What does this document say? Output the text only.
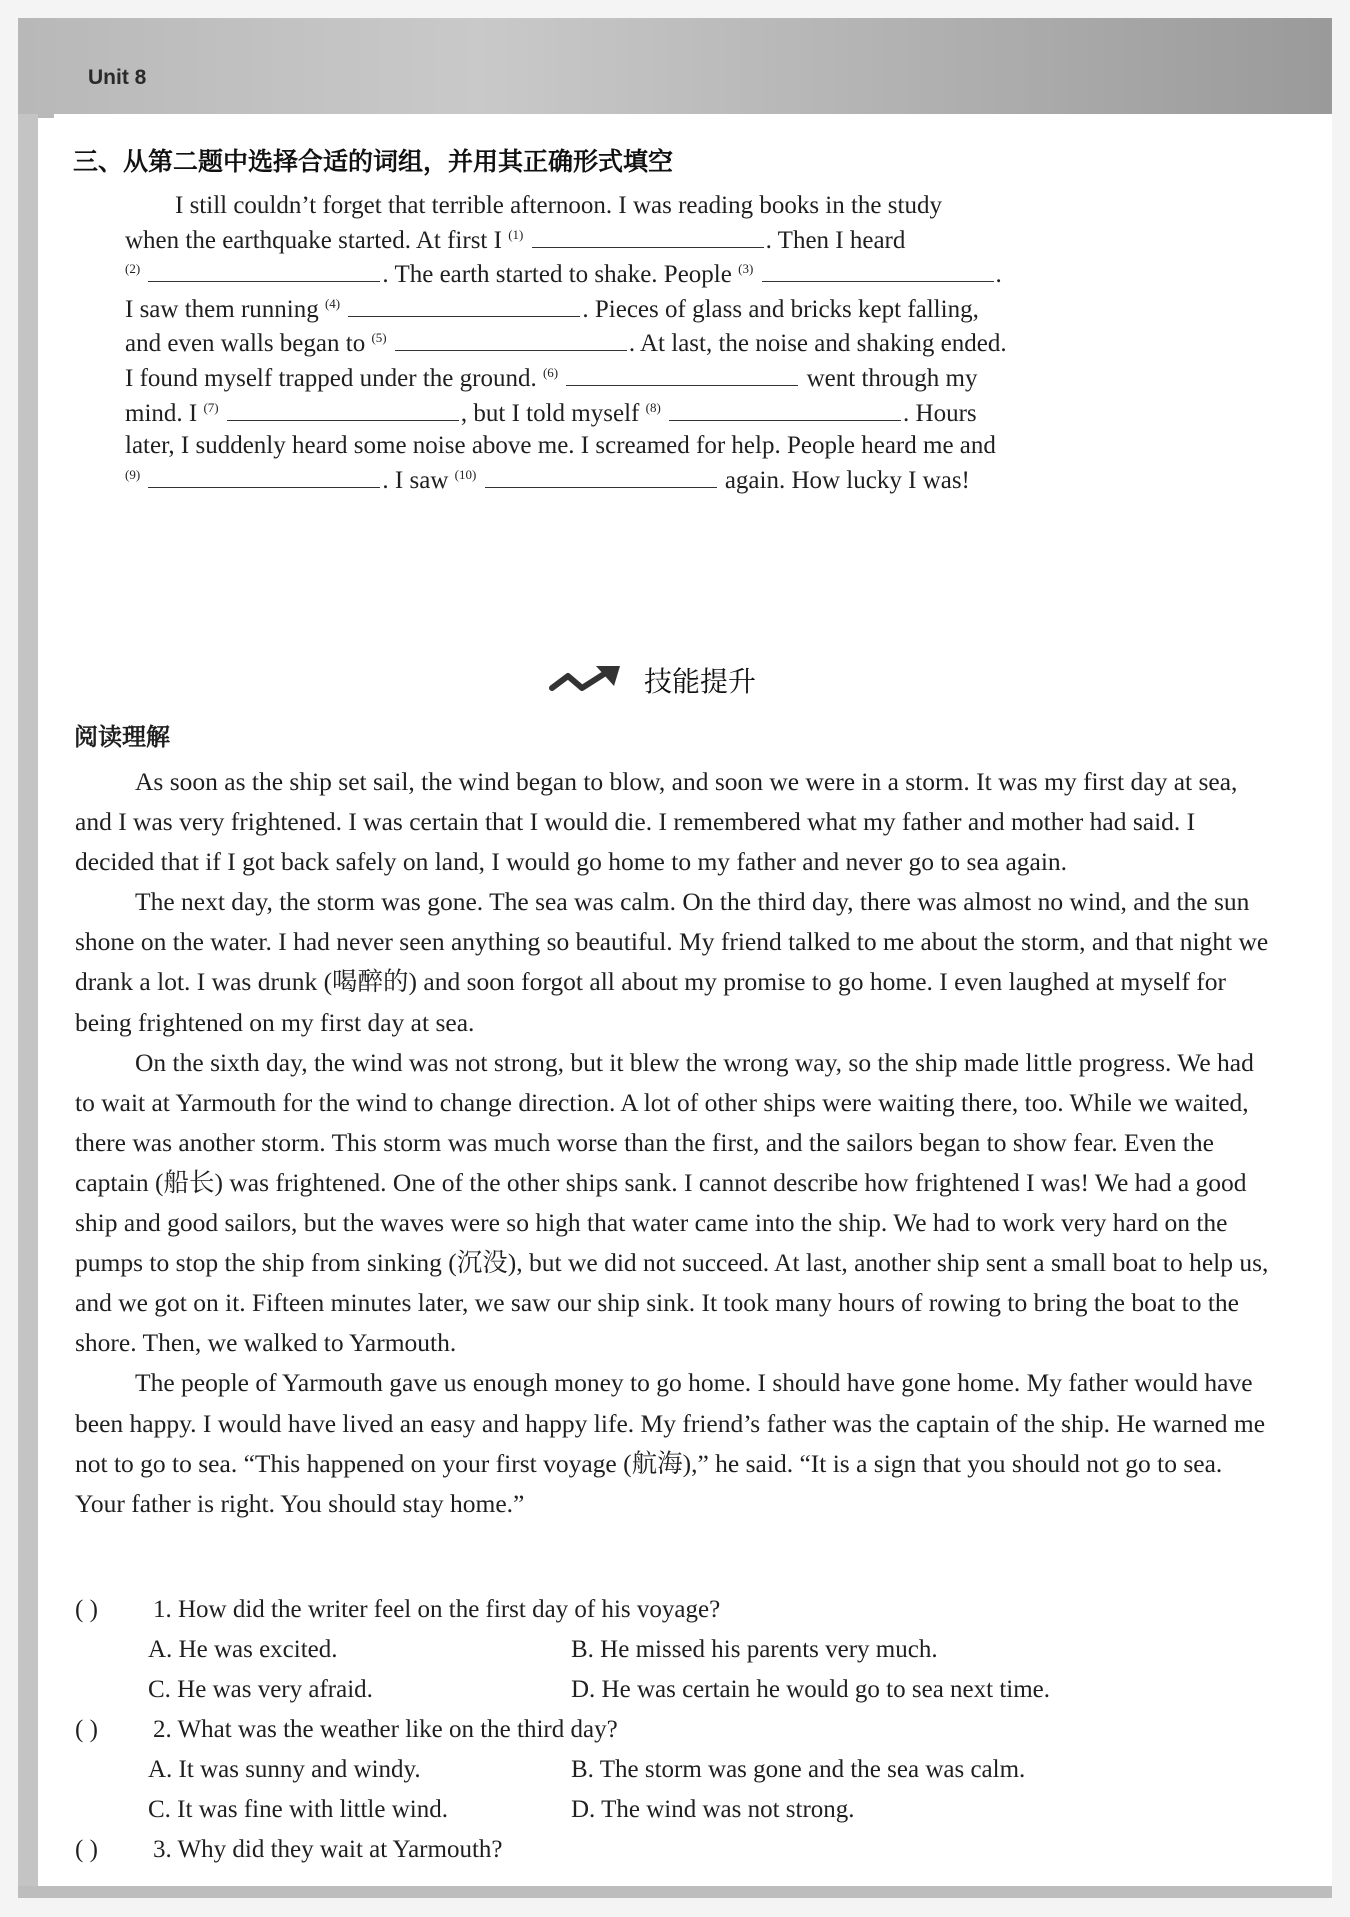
Unit 8
三、从第二题中选择合适的词组，并用其正确形式填空
I still couldn’t forget that terrible afternoon. I was reading books in the study
when the earthquake started. At first I $^{(1)}$	. Then I heard
$^{(2)}$	. The earth started to shake. People $^{(3)}$	.
I saw them running $^{(4)}$	. Pieces of glass and bricks kept falling,
and even walls began to $^{(5)}$	. At last, the noise and shaking ended.
I found myself trapped under the ground. $^{(6)}$	went through my
mind. I $^{(7)}$	, but I told myself $^{(8)}$	. Hours
later, I suddenly heard some noise above me. I screamed for help. People heard me and
$^{(9)}$	. I saw $^{(10)}$	again. How lucky I was!
技能提升
阅读理解

As soon as the ship set sail, the wind began to blow, and soon we were in a storm. It was my first day at sea, and I was very frightened. I was certain that I would die. I remembered what my father and mother had said. I decided that if I got back safely on land, I would go home to my father and never go to sea again.

The next day, the storm was gone. The sea was calm. On the third day, there was almost no wind, and the sun shone on the water. I had never seen anything so beautiful. My friend talked to me about the storm, and that night we drank a lot. I was drunk (喝醉的) and soon forgot all about my promise to go home. I even laughed at myself for being frightened on my first day at sea.

On the sixth day, the wind was not strong, but it blew the wrong way, so the ship made little progress. We had to wait at Yarmouth for the wind to change direction. A lot of other ships were waiting there, too. While we waited, there was another storm. This storm was much worse than the first, and the sailors began to show fear. Even the captain (船长) was frightened. One of the other ships sank. I cannot describe how frightened I was! We had a good ship and good sailors, but the waves were so high that water came into the ship. We had to work very hard on the pumps to stop the ship from sinking (沉没), but we did not succeed. At last, another ship sent a small boat to help us, and we got on it. Fifteen minutes later, we saw our ship sink. It took many hours of rowing to bring the boat to the shore. Then, we walked to Yarmouth.

The people of Yarmouth gave us enough money to go home. I should have gone home. My father would have been happy. I would have lived an easy and happy life. My friend’s father was the captain of the ship. He warned me not to go to sea. “This happened on your first voyage (航海),” he said. “It is a sign that you should not go to sea. Your father is right. You should stay home.”

( ) 1. How did the writer feel on the first day of his voyage?
A. He was excited.	B. He missed his parents very much.
C. He was very afraid.	D. He was certain he would go to sea next time.
( ) 2. What was the weather like on the third day?
A. It was sunny and windy.	B. The storm was gone and the sea was calm.
C. It was fine with little wind.	D. The wind was not strong.
( ) 3. Why did they wait at Yarmouth?
